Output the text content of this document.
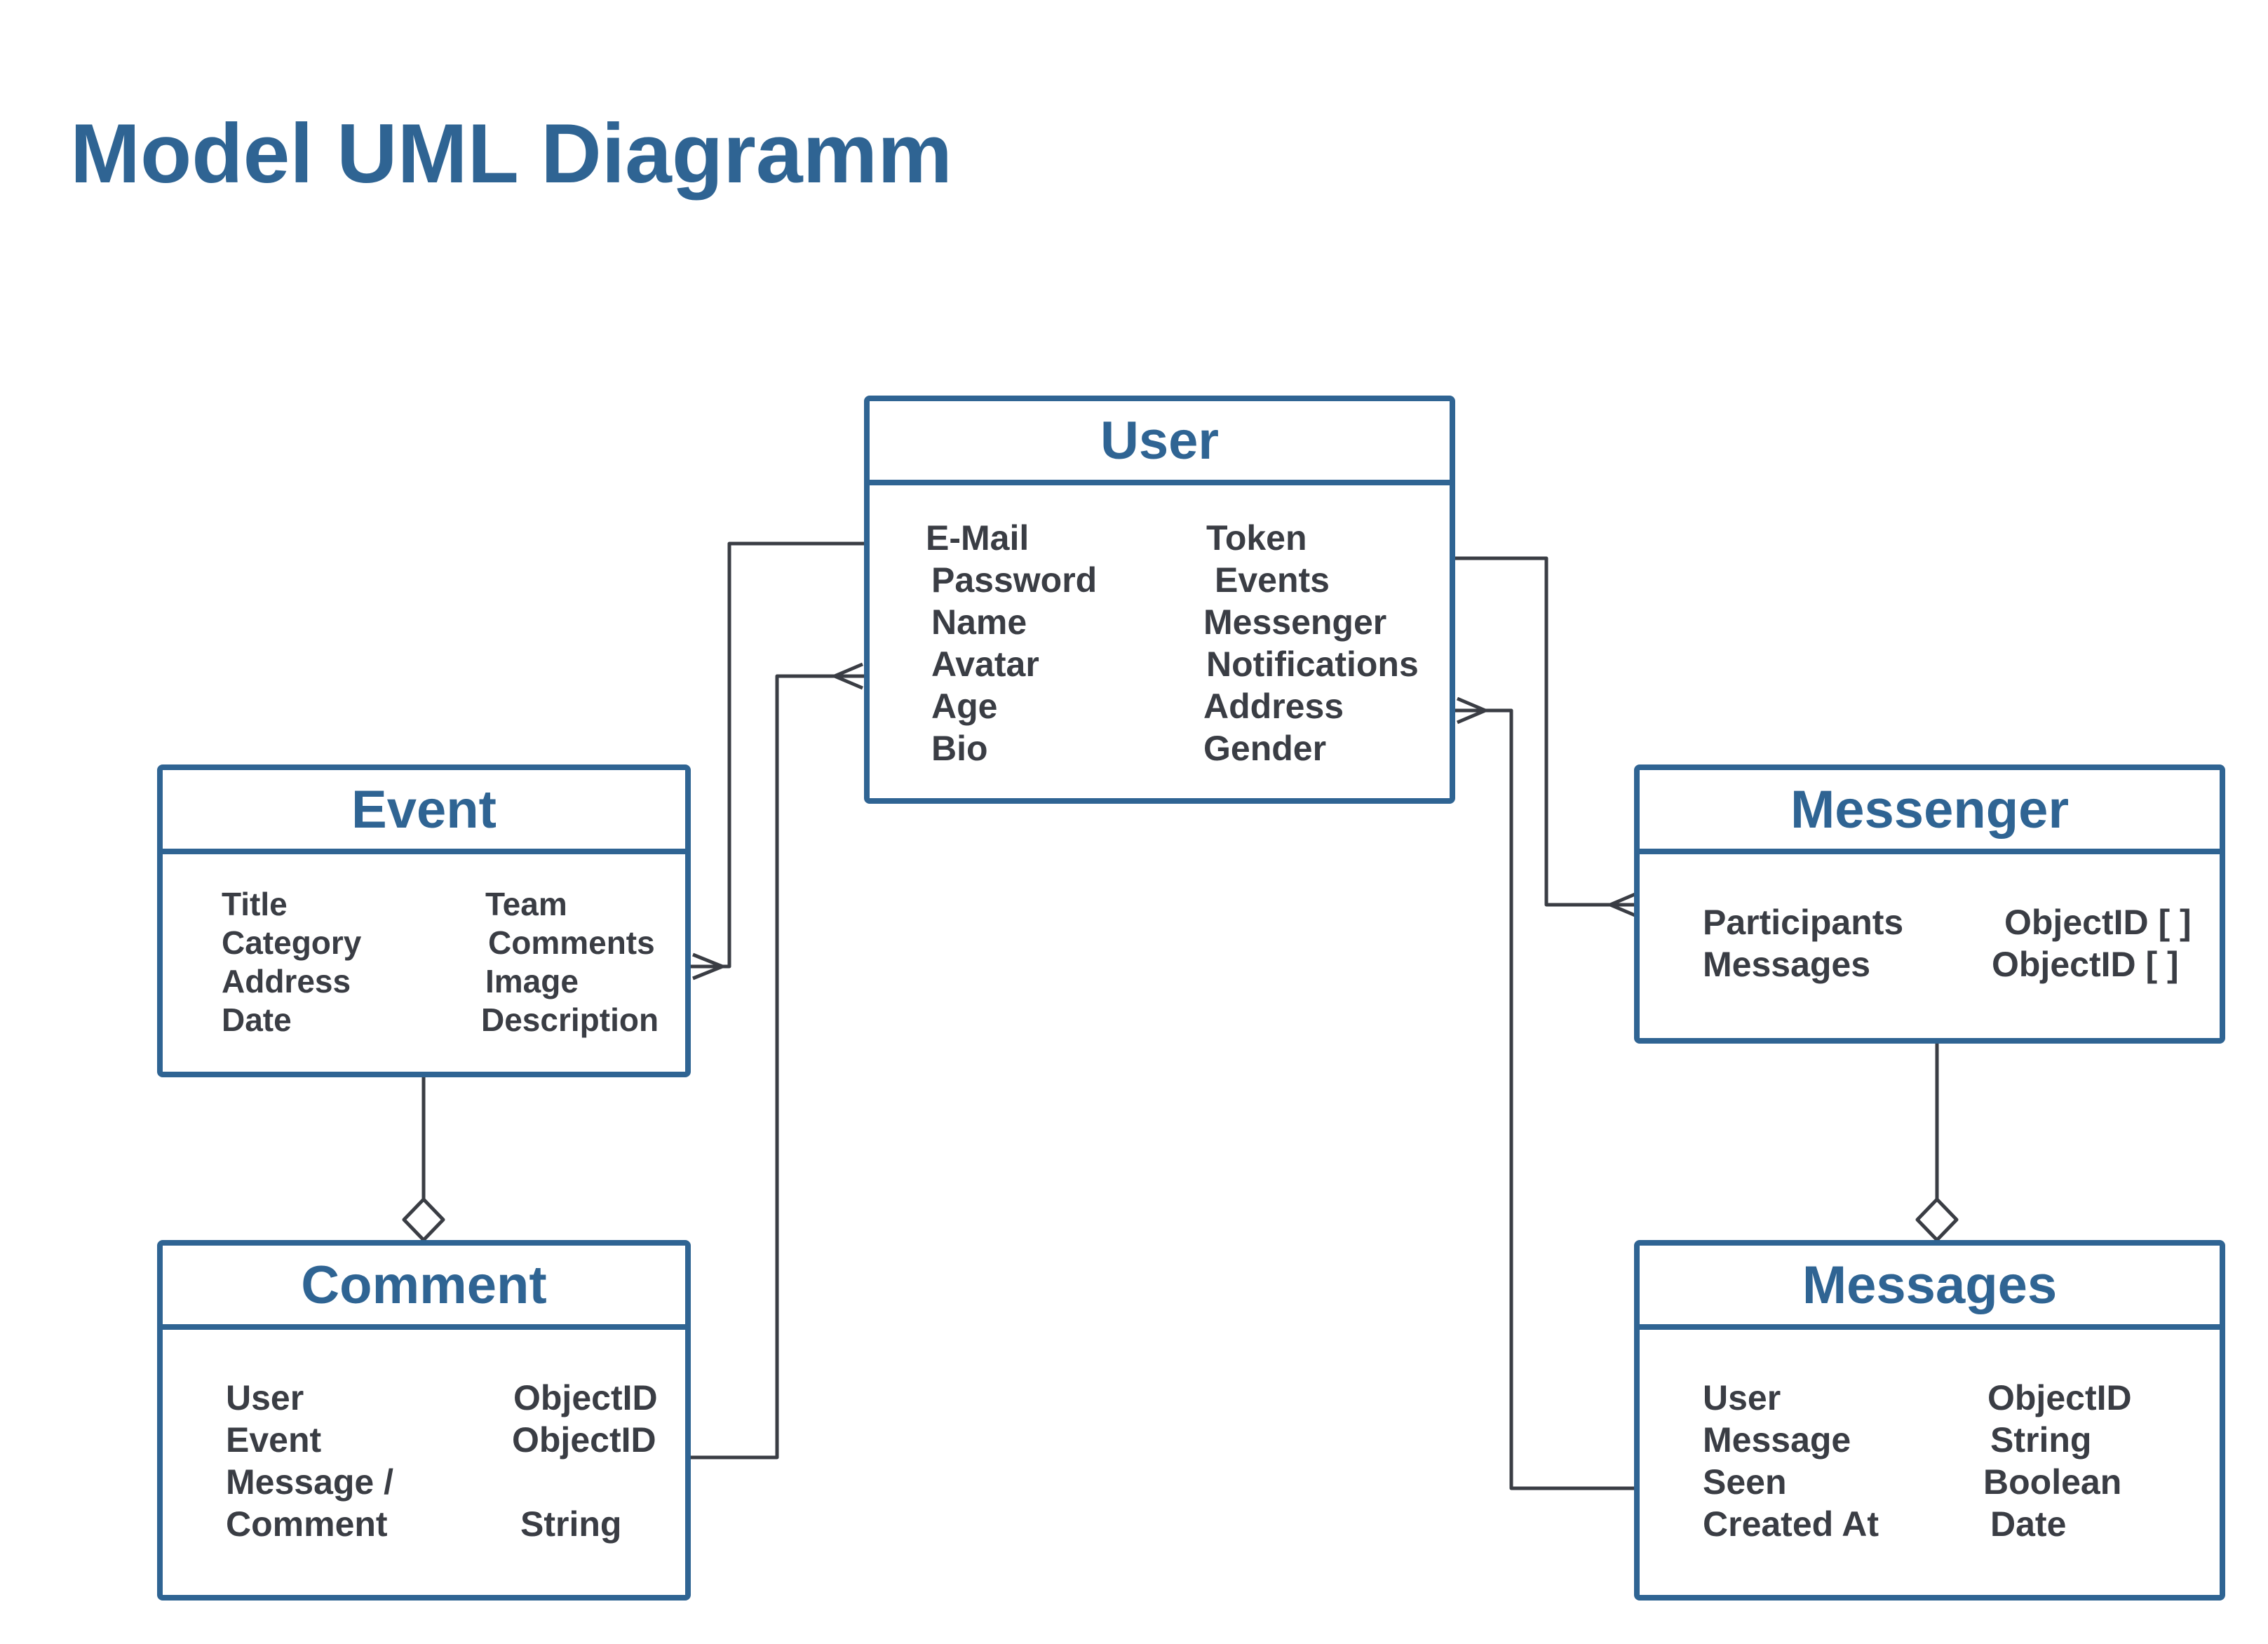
Model UML Diagramm
User
E-Mail	Token
Password	Events
Name	Messenger
Avatar	Notifications
Age	Address
Bio	Gender
Event
Title	Team
Category	Comments
Address	Image
Date	Description
Messenger
Participants	ObjectID [ ]
Messages	ObjectID [ ]
Comment
User	ObjectID
Event	ObjectID
Message /
Comment	String
Messages
User	ObjectID
Message	String
Seen	Boolean
Created At	Date
